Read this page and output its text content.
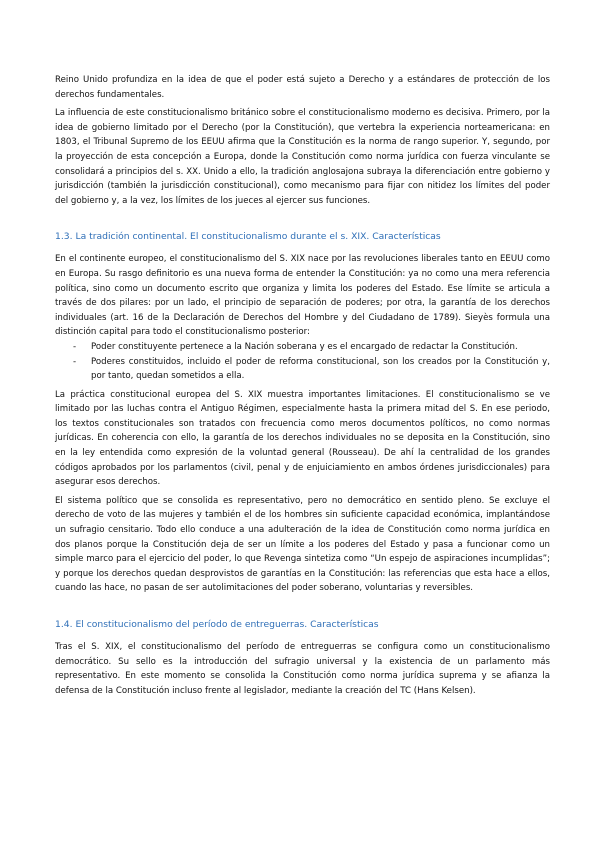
Reino Unido profundiza en la idea de que el poder está sujeto a Derecho y a estándares de protección de los derechos fundamentales.

La influencia de este constitucionalismo británico sobre el constitucionalismo moderno es decisiva. Primero, por la idea de gobierno limitado por el Derecho (por la Constitución), que vertebra la experiencia norteamericana: en 1803, el Tribunal Supremo de los EEUU afirma que la Constitución es la norma de rango superior. Y, segundo, por la proyección de esta concepción a Europa, donde la Constitución como norma jurídica con fuerza vinculante se consolidará a principios del s. XX. Unido a ello, la tradición anglosajona subraya la diferenciación entre gobierno y jurisdicción (también la jurisdicción constitucional), como mecanismo para fijar con nitidez los límites del poder del gobierno y, a la vez, los límites de los jueces al ejercer sus funciones.

1.3. La tradición continental. El constitucionalismo durante el s. XIX. Características

En el continente europeo, el constitucionalismo del S. XIX nace por las revoluciones liberales tanto en EEUU como en Europa. Su rasgo definitorio es una nueva forma de entender la Constitución: ya no como una mera referencia política, sino como un documento escrito que organiza y limita los poderes del Estado. Ese límite se articula a través de dos pilares: por un lado, el principio de separación de poderes; por otra, la garantía de los derechos individuales (art. 16 de la Declaración de Derechos del Hombre y del Ciudadano de 1789). Sieyès formula una distinción capital para todo el constitucionalismo posterior:

- Poder constituyente pertenece a la Nación soberana y es el encargado de redactar la Constitución.
- Poderes constituidos, incluido el poder de reforma constitucional, son los creados por la Constitución y, por tanto, quedan sometidos a ella.

La práctica constitucional europea del S. XIX muestra importantes limitaciones. El constitucionalismo se ve limitado por las luchas contra el Antiguo Régimen, especialmente hasta la primera mitad del S. En ese periodo, los textos constitucionales son tratados con frecuencia como meros documentos políticos, no como normas jurídicas. En coherencia con ello, la garantía de los derechos individuales no se deposita en la Constitución, sino en la ley entendida como expresión de la voluntad general (Rousseau). De ahí la centralidad de los grandes códigos aprobados por los parlamentos (civil, penal y de enjuiciamiento en ambos órdenes jurisdiccionales) para asegurar esos derechos.

El sistema político que se consolida es representativo, pero no democrático en sentido pleno. Se excluye el derecho de voto de las mujeres y también el de los hombres sin suficiente capacidad económica, implantándose un sufragio censitario. Todo ello conduce a una adulteración de la idea de Constitución como norma jurídica en dos planos porque la Constitución deja de ser un límite a los poderes del Estado y pasa a funcionar como un simple marco para el ejercicio del poder, lo que Revenga sintetiza como “Un espejo de aspiraciones incumplidas”; y porque los derechos quedan desprovistos de garantías en la Constitución: las referencias que esta hace a ellos, cuando las hace, no pasan de ser autolimitaciones del poder soberano, voluntarias y reversibles.

1.4. El constitucionalismo del período de entreguerras. Características

Tras el S. XIX, el constitucionalismo del período de entreguerras se configura como un constitucionalismo democrático. Su sello es la introducción del sufragio universal y la existencia de un parlamento más representativo. En este momento se consolida la Constitución como norma jurídica suprema y se afianza la defensa de la Constitución incluso frente al legislador, mediante la creación del TC (Hans Kelsen).
